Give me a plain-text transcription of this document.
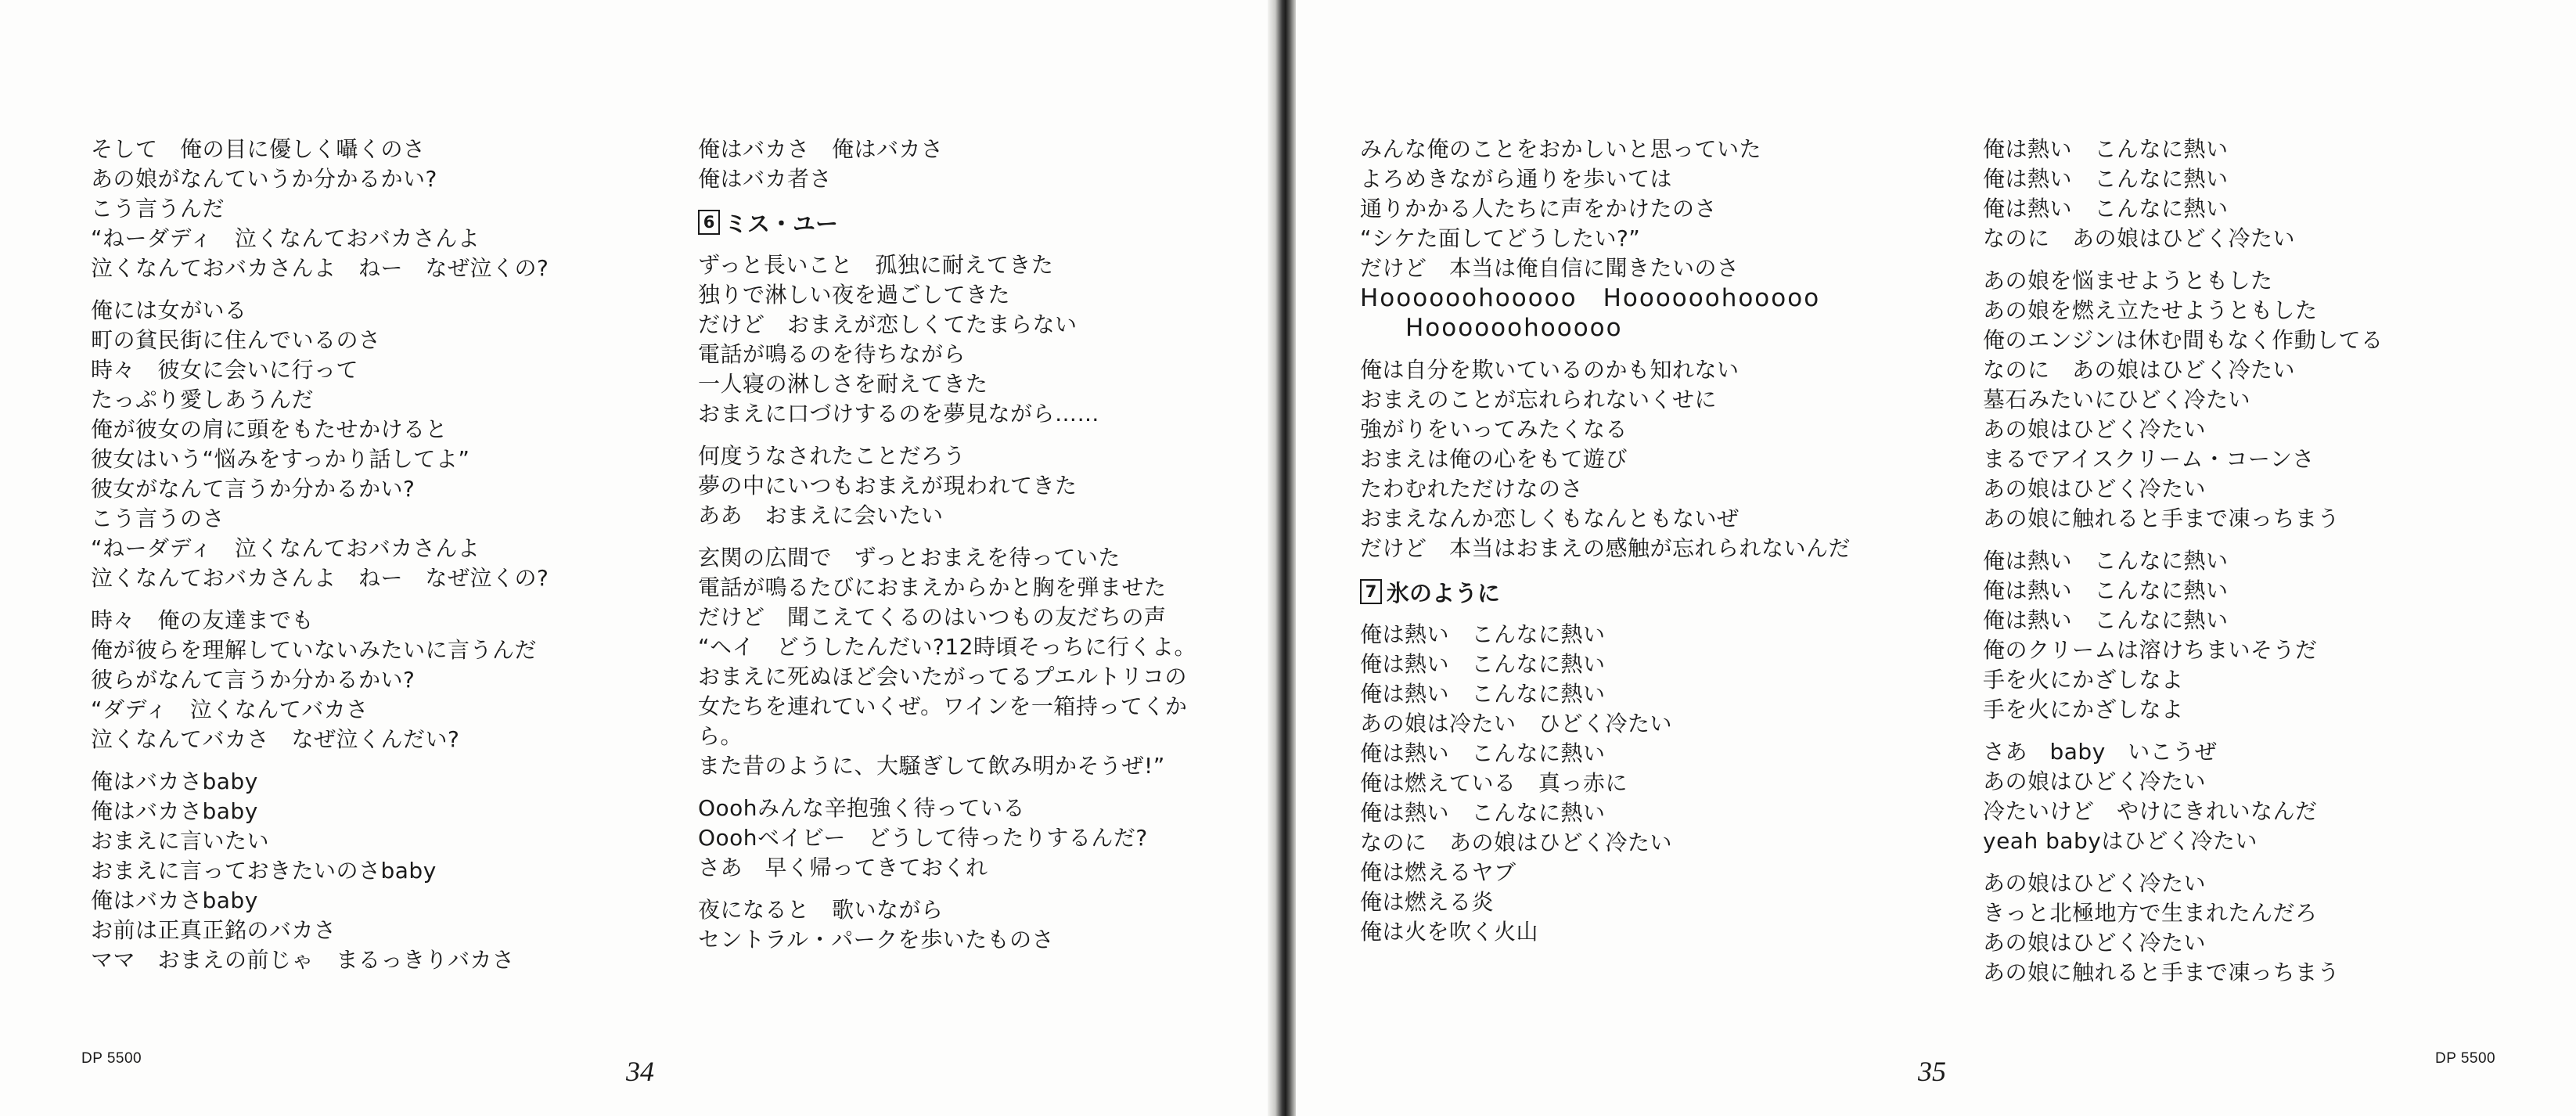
そして　俺の目に優しく囁くのさ
あの娘がなんていうか分かるかい?
こう言うんだ
“ねーダディ　泣くなんておバカさんよ
泣くなんておバカさんよ　ねー　なぜ泣くの?
俺には女がいる
町の貧民街に住んでいるのさ
時々　彼女に会いに行って
たっぷり愛しあうんだ
俺が彼女の肩に頭をもたせかけると
彼女はいう“悩みをすっかり話してよ”
彼女がなんて言うか分かるかい?
こう言うのさ
“ねーダディ　泣くなんておバカさんよ
泣くなんておバカさんよ　ねー　なぜ泣くの?
時々　俺の友達までも
俺が彼らを理解していないみたいに言うんだ
彼らがなんて言うか分かるかい?
“ダディ　泣くなんてバカさ
泣くなんてバカさ　なぜ泣くんだい?
俺はバカさbaby
俺はバカさbaby
おまえに言いたい
おまえに言っておきたいのさbaby
俺はバカさbaby
お前は正真正銘のバカさ
ママ　おまえの前じゃ　まるっきりバカさ
俺はバカさ　俺はバカさ
俺はバカ者さ
6 ミス・ユー
ずっと長いこと　孤独に耐えてきた
独りで淋しい夜を過ごしてきた
だけど　おまえが恋しくてたまらない
電話が鳴るのを待ちながら
一人寝の淋しさを耐えてきた
おまえに口づけするのを夢見ながら……
何度うなされたことだろう
夢の中にいつもおまえが現われてきた
ああ　おまえに会いたい
玄関の広間で　ずっとおまえを待っていた
電話が鳴るたびにおまえからかと胸を弾ませた
だけど　聞こえてくるのはいつもの友だちの声
“ヘイ　どうしたんだい?12時頃そっちに行くよ。
おまえに死ぬほど会いたがってるプエルトリコの
女たちを連れていくぜ。ワインを一箱持ってくか
ら。
また昔のように、大騒ぎして飲み明かそうぜ!”
Ooohみんな辛抱強く待っている
Ooohベイビー　どうして待ったりするんだ?
さあ　早く帰ってきておくれ
夜になると　歌いながら
セントラル・パークを歩いたものさ
DP 5500	34
みんな俺のことをおかしいと思っていた
よろめきながら通りを歩いては
通りかかる人たちに声をかけたのさ
“シケた面してどうしたい?”
だけど　本当は俺自信に聞きたいのさ
Hoooooohooooo　Hoooooohooooo
Hoooooohooooo
俺は自分を欺いているのかも知れない
おまえのことが忘れられないくせに
強がりをいってみたくなる
おまえは俺の心をもて遊び
たわむれただけなのさ
おまえなんか恋しくもなんともないぜ
だけど　本当はおまえの感触が忘れられないんだ
7 氷のように
俺は熱い　こんなに熱い
俺は熱い　こんなに熱い
俺は熱い　こんなに熱い
あの娘は冷たい　ひどく冷たい
俺は熱い　こんなに熱い
俺は燃えている　真っ赤に
俺は熱い　こんなに熱い
なのに　あの娘はひどく冷たい
俺は燃えるヤブ
俺は燃える炎
俺は火を吹く火山
俺は熱い　こんなに熱い
俺は熱い　こんなに熱い
俺は熱い　こんなに熱い
なのに　あの娘はひどく冷たい
あの娘を悩ませようともした
あの娘を燃え立たせようともした
俺のエンジンは休む間もなく作動してる
なのに　あの娘はひどく冷たい
墓石みたいにひどく冷たい
あの娘はひどく冷たい
まるでアイスクリーム・コーンさ
あの娘はひどく冷たい
あの娘に触れると手まで凍っちまう
俺は熱い　こんなに熱い
俺は熱い　こんなに熱い
俺は熱い　こんなに熱い
俺のクリームは溶けちまいそうだ
手を火にかざしなよ
手を火にかざしなよ
さあ　baby　いこうぜ
あの娘はひどく冷たい
冷たいけど　やけにきれいなんだ
yeah babyはひどく冷たい
あの娘はひどく冷たい
きっと北極地方で生まれたんだろ
あの娘はひどく冷たい
あの娘に触れると手まで凍っちまう
DP 5500
35
